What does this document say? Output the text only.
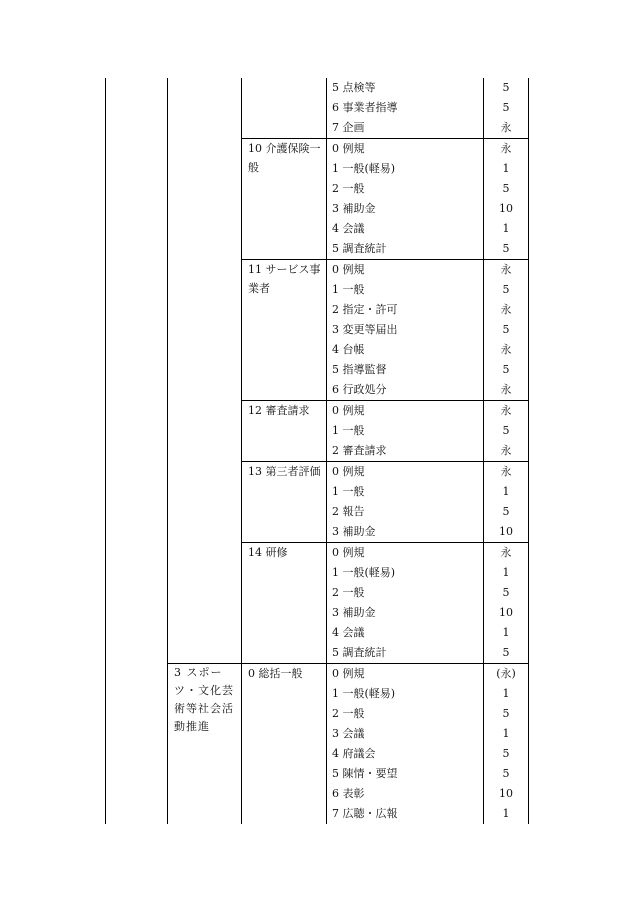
			5 点検等	5

			6 事業者指導	5

			7 企画	永

		10 介護保険一般	0 例規	永

			1 一般(軽易)	1

			2 一般	5

			3 補助金	10

			4 会議	1

			5 調査統計	5

		11 サービス事業者	0 例規	永

			1 一般	5

			2 指定・許可	永

			3 変更等届出	5

			4 台帳	永

			5 指導監督	5

			6 行政処分	永

		12 審査請求	0 例規	永

			1 一般	5

			2 審査請求	永

		13 第三者評価	0 例規	永

			1 一般	1

			2 報告	5

			3 補助金	10

		14 研修	0 例規	永

			1 一般(軽易)	1

			2 一般	5

			3 補助金	10

			4 会議	1

			5 調査統計	5

	3 スポーツ・文化芸術等社会活動推進	0 総括一般	0 例規	(永)

			1 一般(軽易)	1

			2 一般	5

			3 会議	1

			4 府議会	5

			5 陳情・要望	5

			6 表彰	10

			7 広聴・広報	1
